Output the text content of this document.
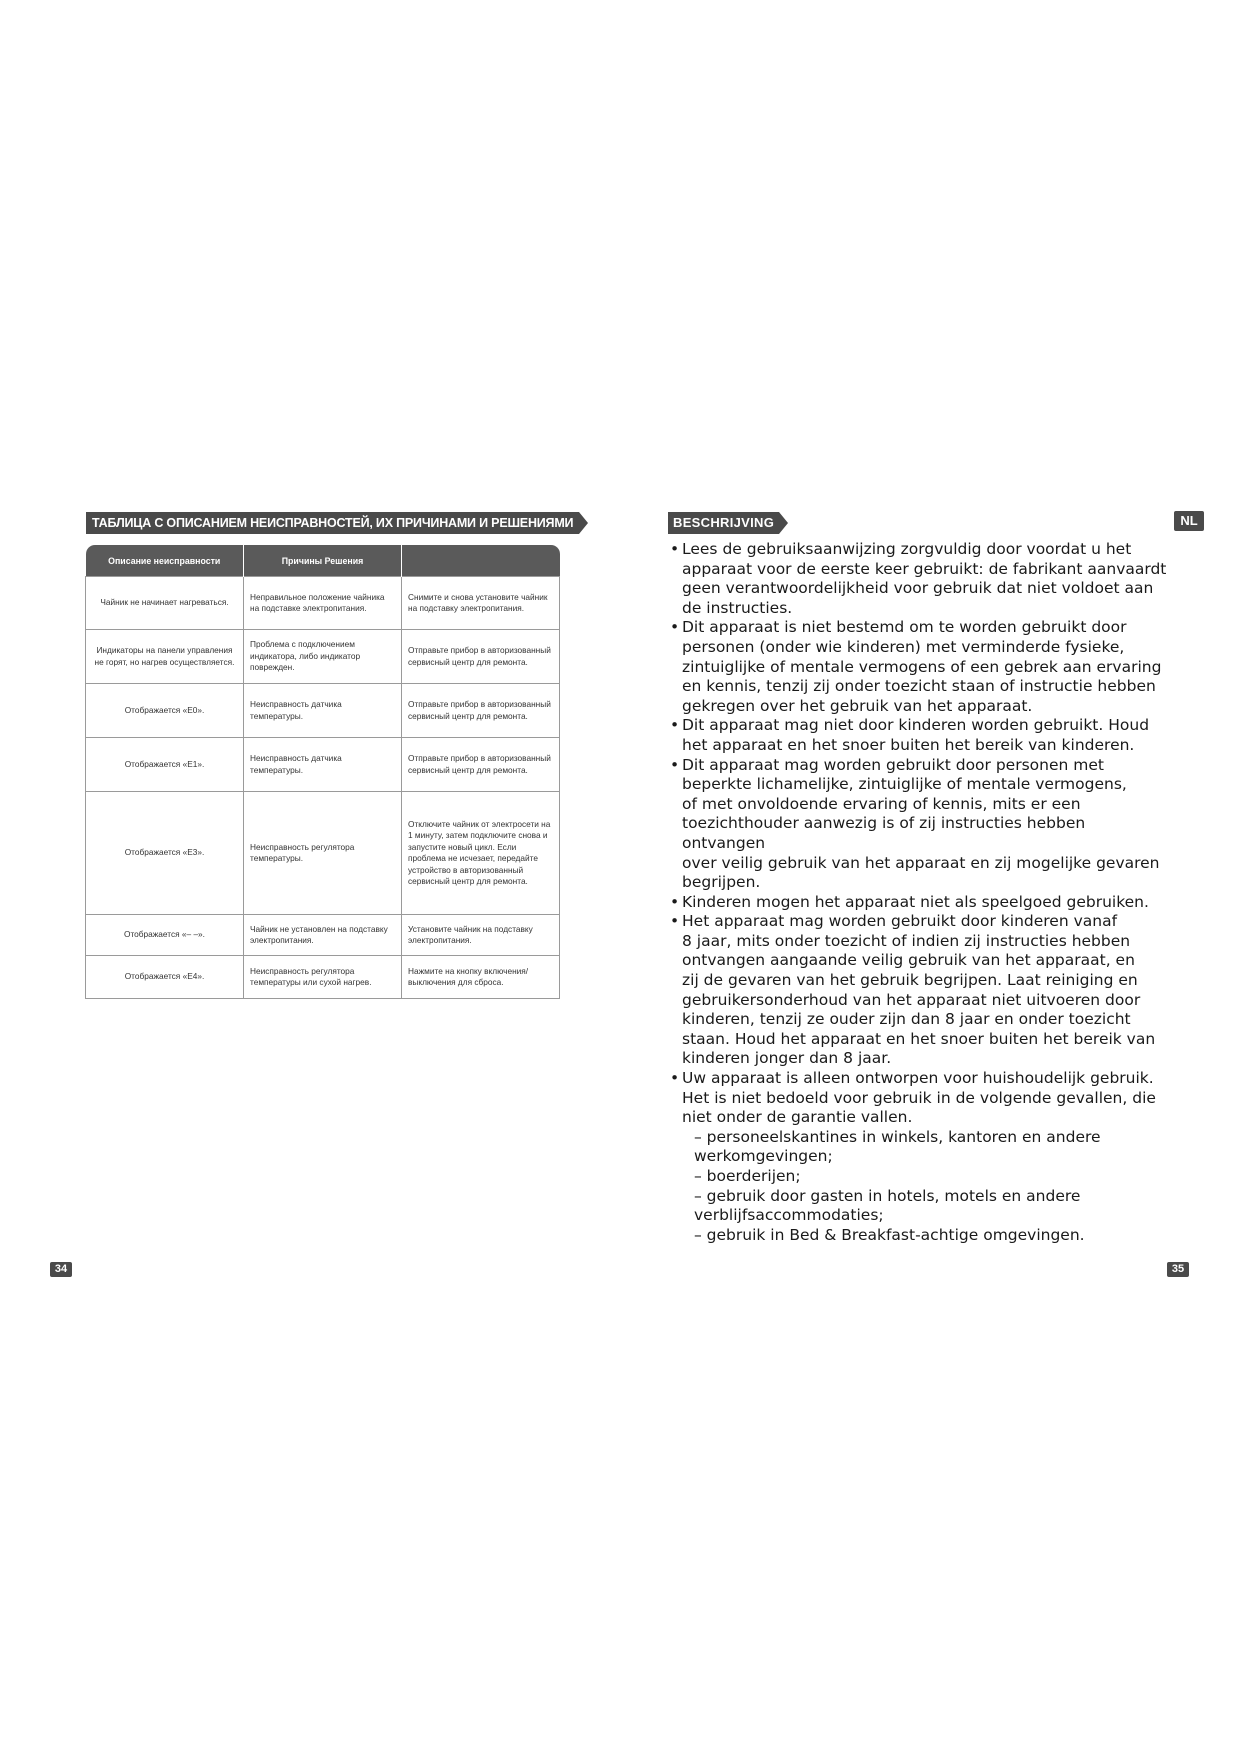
ТАБЛИЦА С ОПИСАНИЕМ НЕИСПРАВНОСТЕЙ, ИХ ПРИЧИНАМИ И РЕШЕНИЯМИ
Описание неисправности	Причины Решения	
Чайник не начинает нагреваться.	Неправильное положение чайника на подставке электропитания.	Снимите и снова установите чайник на подставку электропитания.
Индикаторы на панели управления не горят, но нагрев осуществляется.	Проблема с подключением индикатора, либо индикатор поврежден.	Отправьте прибор в авторизованный сервисный центр для ремонта.
Отображается «E0».	Неисправность датчика температуры.	Отправьте прибор в авторизованный сервисный центр для ремонта.
Отображается «E1».	Неисправность датчика температуры.	Отправьте прибор в авторизованный сервисный центр для ремонта.
Отображается «E3».	Неисправность регулятора температуры.	Отключите чайник от электросети на 1 минуту, затем подключите снова и запустите новый цикл. Если проблема не исчезает, передайте устройство в авторизованный сервисный центр для ремонта.
Отображается «– –».	Чайник не установлен на подставку электропитания.	Установите чайник на подставку электропитания.
Отображается «E4».	Неисправность регулятора температуры или сухой нагрев.	Нажмите на кнопку включения/выключения для сброса.
34
BESCHRIJVING	NL
• Lees de gebruiksaanwijzing zorgvuldig door voordat u het
apparaat voor de eerste keer gebruikt: de fabrikant aanvaardt
geen verantwoordelijkheid voor gebruik dat niet voldoet aan
de instructies.
• Dit apparaat is niet bestemd om te worden gebruikt door
personen (onder wie kinderen) met verminderde fysieke,
zintuiglijke of mentale vermogens of een gebrek aan ervaring
en kennis, tenzij zij onder toezicht staan of instructie hebben
gekregen over het gebruik van het apparaat.
• Dit apparaat mag niet door kinderen worden gebruikt. Houd
het apparaat en het snoer buiten het bereik van kinderen.
• Dit apparaat mag worden gebruikt door personen met
beperkte lichamelijke, zintuiglijke of mentale vermogens,
of met onvoldoende ervaring of kennis, mits er een
toezichthouder aanwezig is of zij instructies hebben ontvangen
over veilig gebruik van het apparaat en zij mogelijke gevaren
begrijpen.
• Kinderen mogen het apparaat niet als speelgoed gebruiken.
• Het apparaat mag worden gebruikt door kinderen vanaf
8 jaar, mits onder toezicht of indien zij instructies hebben
ontvangen aangaande veilig gebruik van het apparaat, en
zij de gevaren van het gebruik begrijpen. Laat reiniging en
gebruikersonderhoud van het apparaat niet uitvoeren door
kinderen, tenzij ze ouder zijn dan 8 jaar en onder toezicht
staan. Houd het apparaat en het snoer buiten het bereik van
kinderen jonger dan 8 jaar.
• Uw apparaat is alleen ontworpen voor huishoudelijk gebruik.
Het is niet bedoeld voor gebruik in de volgende gevallen, die
niet onder de garantie vallen.
– personeelskantines in winkels, kantoren en andere
werkomgevingen;
– boerderijen;
– gebruik door gasten in hotels, motels en andere
verblijfsaccommodaties;
– gebruik in Bed & Breakfast-achtige omgevingen.
35
